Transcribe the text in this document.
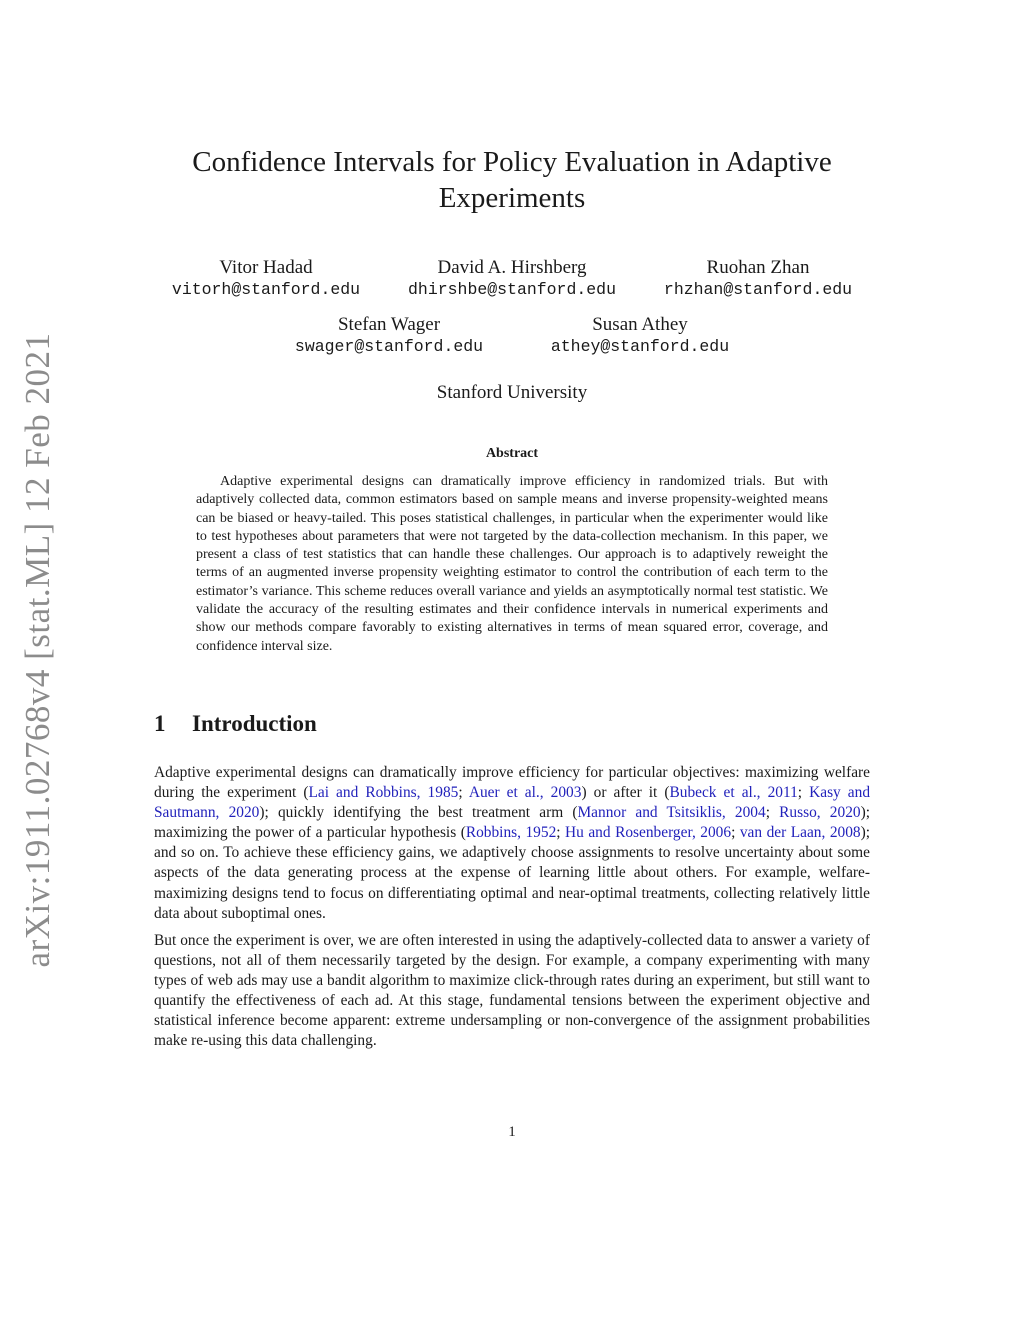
arXiv:1911.02768v4 [stat.ML] 12 Feb 2021
Confidence Intervals for Policy Evaluation in Adaptive
Experiments
Vitor Hadad
vitorh@stanford.edu
David A. Hirshberg
dhirshbe@stanford.edu
Ruohan Zhan
rhzhan@stanford.edu
Stefan Wager
swager@stanford.edu
Susan Athey
athey@stanford.edu
Stanford University
Abstract

Adaptive experimental designs can dramatically improve efficiency in randomized trials. But with adaptively collected data, common estimators based on sample means and inverse propensity-weighted means can be biased or heavy-tailed. This poses statistical challenges, in particular when the experimenter would like to test hypotheses about parameters that were not targeted by the data-collection mechanism. In this paper, we present a class of test statistics that can handle these challenges. Our approach is to adaptively reweight the terms of an augmented inverse propensity weighting estimator to control the contribution of each term to the estimator’s variance. This scheme reduces overall variance and yields an asymptotically normal test statistic. We validate the accuracy of the resulting estimates and their confidence intervals in numerical experiments and show our methods compare favorably to existing alternatives in terms of mean squared error, coverage, and confidence interval size.

1 Introduction

Adaptive experimental designs can dramatically improve efficiency for particular objectives: maximizing welfare during the experiment (Lai and Robbins, 1985; Auer et al., 2003) or after it (Bubeck et al., 2011; Kasy and Sautmann, 2020); quickly identifying the best treatment arm (Mannor and Tsitsiklis, 2004; Russo, 2020); maximizing the power of a particular hypothesis (Robbins, 1952; Hu and Rosenberger, 2006; van der Laan, 2008); and so on. To achieve these efficiency gains, we adaptively choose assignments to resolve uncertainty about some aspects of the data generating process at the expense of learning little about others. For example, welfare-maximizing designs tend to focus on differentiating optimal and near-optimal treatments, collecting relatively little data about suboptimal ones.

But once the experiment is over, we are often interested in using the adaptively-collected data to answer a variety of questions, not all of them necessarily targeted by the design. For example, a company experimenting with many types of web ads may use a bandit algorithm to maximize click-through rates during an experiment, but still want to quantify the effectiveness of each ad. At this stage, fundamental tensions between the experiment objective and statistical inference become apparent: extreme undersampling or non-convergence of the assignment probabilities make re-using this data challenging.

1
